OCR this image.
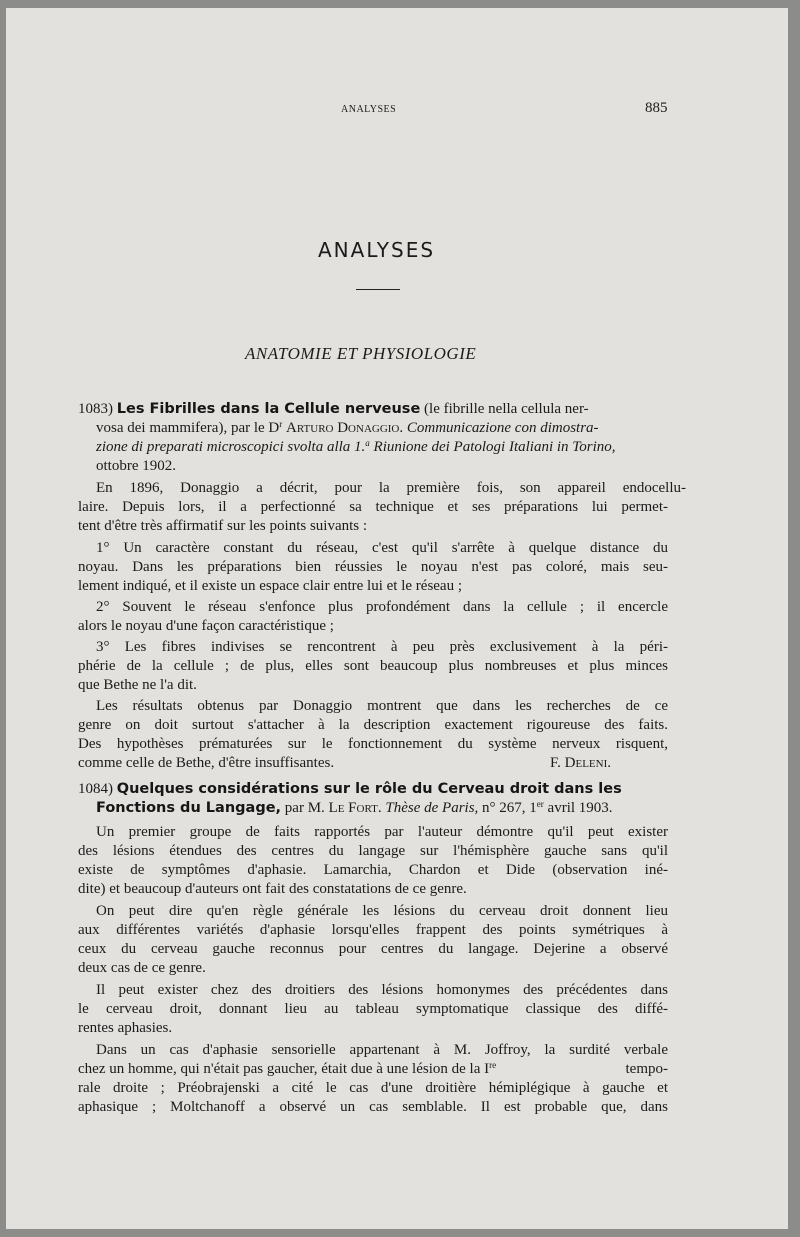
ANALYSES	885
ANALYSES
ANATOMIE ET PHYSIOLOGIE
1083) Les Fibrilles dans la Cellule nerveuse (le fibrille nella cellula ner-
vosa dei mammifera), par le $D^r$ Arturo Donaggio. Communicazione con dimostra-
zione di preparati microscopici svolta alla 1.$^a$ Riunione dei Patologi Italiani in Torino,
ottobre 1902.
En 1896, Donaggio a décrit, pour la première fois, son appareil endocellu-
laire. Depuis lors, il a perfectionné sa technique et ses préparations lui permet-
tent d'être très affirmatif sur les points suivants :
1° Un caractère constant du réseau, c'est qu'il s'arrête à quelque distance du
noyau. Dans les préparations bien réussies le noyau n'est pas coloré, mais seu-
lement indiqué, et il existe un espace clair entre lui et le réseau ;
2° Souvent le réseau s'enfonce plus profondément dans la cellule ; il encercle
alors le noyau d'une façon caractéristique ;
3° Les fibres indivises se rencontrent à peu près exclusivement à la péri-
phérie de la cellule ; de plus, elles sont beaucoup plus nombreuses et plus minces
que Bethe ne l'a dit.
Les résultats obtenus par Donaggio montrent que dans les recherches de ce
genre on doit surtout s'attacher à la description exactement rigoureuse des faits.
Des hypothèses prématurées sur le fonctionnement du système nerveux risquent,
comme celle de Bethe, d'être insuffisantes.	F. Deleni.
1084) Quelques considérations sur le rôle du Cerveau droit dans les
Fonctions du Langage, par M. Le Fort. Thèse de Paris, n° 267, 1er avril 1903.
Un premier groupe de faits rapportés par l'auteur démontre qu'il peut exister
des lésions étendues des centres du langage sur l'hémisphère gauche sans qu'il
existe de symptômes d'aphasie. Lamarchia, Chardon et Dide (observation iné-
dite) et beaucoup d'auteurs ont fait des constatations de ce genre.
On peut dire qu'en règle générale les lésions du cerveau droit donnent lieu
aux différentes variétés d'aphasie lorsqu'elles frappent des points symétriques à
ceux du cerveau gauche reconnus pour centres du langage. Dejerine a observé
deux cas de ce genre.
Il peut exister chez des droitiers des lésions homonymes des précédentes dans
le cerveau droit, donnant lieu au tableau symptomatique classique des diffé-
rentes aphasies.
Dans un cas d'aphasie sensorielle appartenant à M. Joffroy, la surdité verbale
chez un homme, qui n'était pas gaucher, était due à une lésion de la Ire	tempo-
rale droite ; Préobrajenski a cité le cas d'une droitière hémiplégique à gauche et
aphasique ; Moltchanoff a observé un cas semblable. Il est probable que, dans
